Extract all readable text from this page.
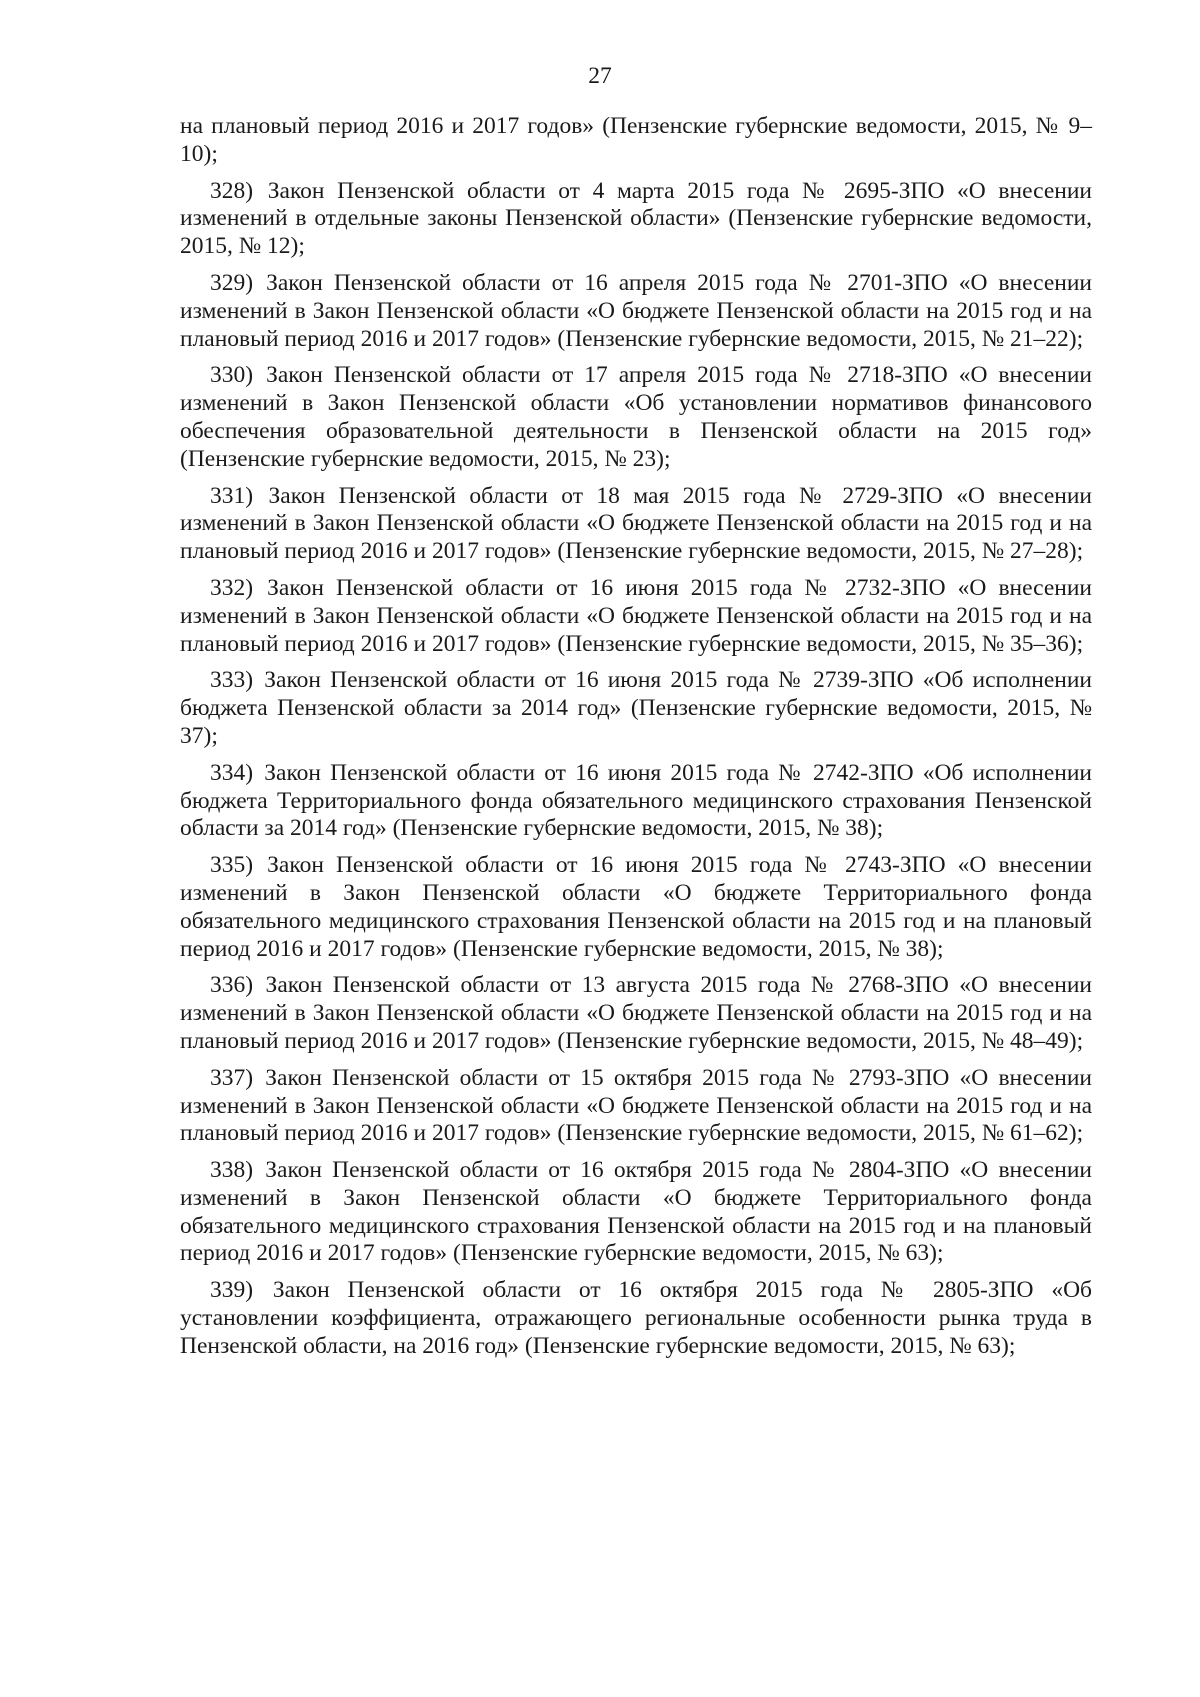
27

на плановый период 2016 и 2017 годов» (Пензенские губернские ведомости, 2015, № 9–10);

328) Закон Пензенской области от 4 марта 2015 года № 2695-ЗПО «О внесении изменений в отдельные законы Пензенской области» (Пензенские губернские ведомости, 2015, № 12);

329) Закон Пензенской области от 16 апреля 2015 года № 2701-ЗПО «О внесении изменений в Закон Пензенской области «О бюджете Пензенской области на 2015 год и на плановый период 2016 и 2017 годов» (Пензенские губернские ведомости, 2015, № 21–22);

330) Закон Пензенской области от 17 апреля 2015 года № 2718-ЗПО «О внесении изменений в Закон Пензенской области «Об установлении нормативов финансового обеспечения образовательной деятельности в Пензенской области на 2015 год» (Пензенские губернские ведомости, 2015, № 23);

331) Закон Пензенской области от 18 мая 2015 года № 2729-ЗПО «О внесении изменений в Закон Пензенской области «О бюджете Пензенской области на 2015 год и на плановый период 2016 и 2017 годов» (Пензенские губернские ведомости, 2015, № 27–28);

332) Закон Пензенской области от 16 июня 2015 года № 2732-ЗПО «О внесении изменений в Закон Пензенской области «О бюджете Пензенской области на 2015 год и на плановый период 2016 и 2017 годов» (Пензенские губернские ведомости, 2015, № 35–36);

333) Закон Пензенской области от 16 июня 2015 года № 2739-ЗПО «Об исполнении бюджета Пензенской области за 2014 год» (Пензенские губернские ведомости, 2015, № 37);

334) Закон Пензенской области от 16 июня 2015 года № 2742-ЗПО «Об исполнении бюджета Территориального фонда обязательного медицинского страхования Пензенской области за 2014 год» (Пензенские губернские ведомости, 2015, № 38);

335) Закон Пензенской области от 16 июня 2015 года № 2743-ЗПО «О внесении изменений в Закон Пензенской области «О бюджете Территориального фонда обязательного медицинского страхования Пензенской области на 2015 год и на плановый период 2016 и 2017 годов» (Пензенские губернские ведомости, 2015, № 38);

336) Закон Пензенской области от 13 августа 2015 года № 2768-ЗПО «О внесении изменений в Закон Пензенской области «О бюджете Пензенской области на 2015 год и на плановый период 2016 и 2017 годов» (Пензенские губернские ведомости, 2015, № 48–49);

337) Закон Пензенской области от 15 октября 2015 года № 2793-ЗПО «О внесении изменений в Закон Пензенской области «О бюджете Пензенской области на 2015 год и на плановый период 2016 и 2017 годов» (Пензенские губернские ведомости, 2015, № 61–62);

338) Закон Пензенской области от 16 октября 2015 года № 2804-ЗПО «О внесении изменений в Закон Пензенской области «О бюджете Территориального фонда обязательного медицинского страхования Пензенской области на 2015 год и на плановый период 2016 и 2017 годов» (Пензенские губернские ведомости, 2015, № 63);

339) Закон Пензенской области от 16 октября 2015 года № 2805-ЗПО «Об установлении коэффициента, отражающего региональные особенности рынка труда в Пензенской области, на 2016 год» (Пензенские губернские ведомости, 2015, № 63);
